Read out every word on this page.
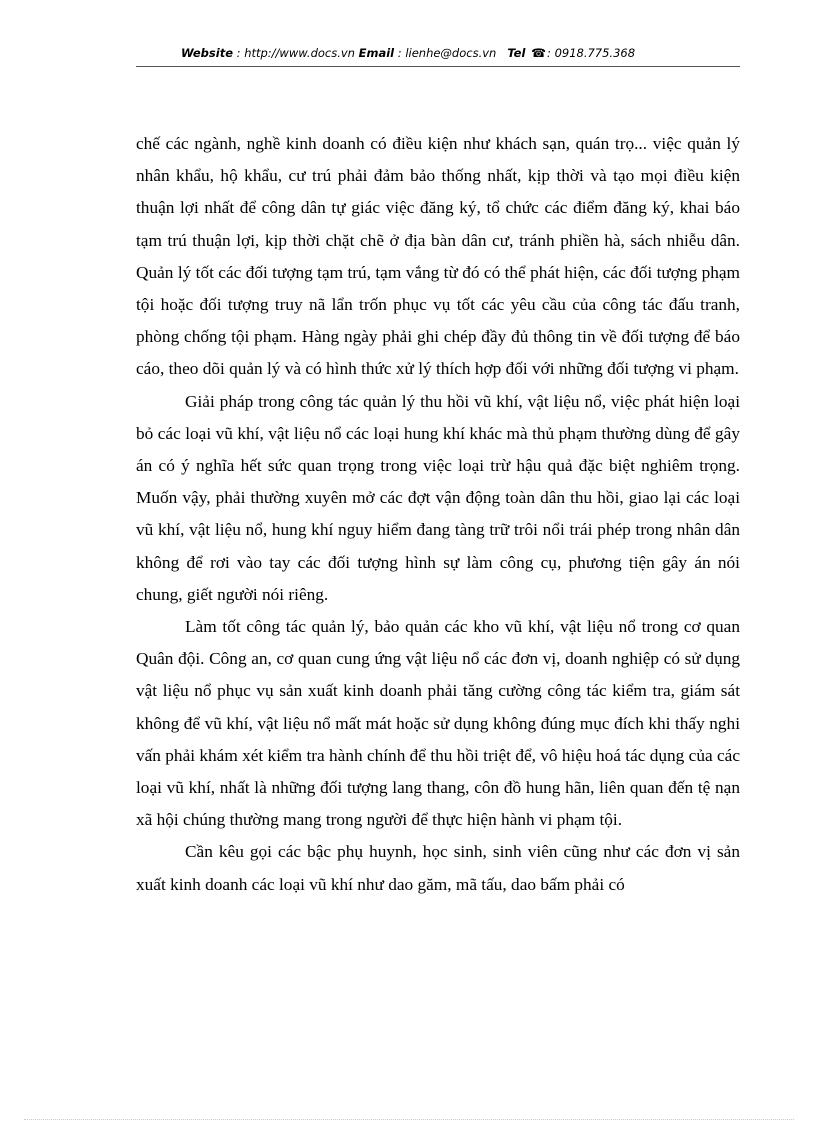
Website : http://www.docs.vn Email : lienhe@docs.vn Tel ☎: 0918.775.368

chế các ngành, nghề kinh doanh có điều kiện như khách sạn, quán trọ... việc quản lý nhân khẩu, hộ khẩu, cư trú phải đảm bảo thống nhất, kịp thời và tạo mọi điều kiện thuận lợi nhất để công dân tự giác việc đăng ký, tổ chức các điểm đăng ký, khai báo tạm trú thuận lợi, kịp thời chặt chẽ ở địa bàn dân cư, tránh phiền hà, sách nhiễu dân. Quản lý tốt các đối tượng tạm trú, tạm vắng từ đó có thể phát hiện, các đối tượng phạm tội hoặc đối tượng truy nã lẩn trốn phục vụ tốt các yêu cầu của công tác đấu tranh, phòng chống tội phạm. Hàng ngày phải ghi chép đầy đủ thông tin về đối tượng để báo cáo, theo dõi quản lý và có hình thức xử lý thích hợp đối với những đối tượng vi phạm.

Giải pháp trong công tác quản lý thu hồi vũ khí, vật liệu nổ, việc phát hiện loại bỏ các loại vũ khí, vật liệu nổ các loại hung khí khác mà thủ phạm thường dùng để gây án có ý nghĩa hết sức quan trọng trong việc loại trừ hậu quả đặc biệt nghiêm trọng. Muốn vậy, phải thường xuyên mở các đợt vận động toàn dân thu hồi, giao lại các loại vũ khí, vật liệu nổ, hung khí nguy hiểm đang tàng trữ trôi nổi trái phép trong nhân dân không để rơi vào tay các đối tượng hình sự làm công cụ, phương tiện gây án nói chung, giết người nói riêng.

Làm tốt công tác quản lý, bảo quản các kho vũ khí, vật liệu nổ trong cơ quan Quân đội. Công an, cơ quan cung ứng vật liệu nổ các đơn vị, doanh nghiệp có sử dụng vật liệu nổ phục vụ sản xuất kinh doanh phải tăng cường công tác kiểm tra, giám sát không để vũ khí, vật liệu nổ mất mát hoặc sử dụng không đúng mục đích khi thấy nghi vấn phải khám xét kiểm tra hành chính để thu hồi triệt để, vô hiệu hoá tác dụng của các loại vũ khí, nhất là những đối tượng lang thang, côn đồ hung hãn, liên quan đến tệ nạn xã hội chúng thường mang trong người để thực hiện hành vi phạm tội.

Cần kêu gọi các bậc phụ huynh, học sinh, sinh viên cũng như các đơn vị sản xuất kinh doanh các loại vũ khí như dao găm, mã tấu, dao bấm phải có
